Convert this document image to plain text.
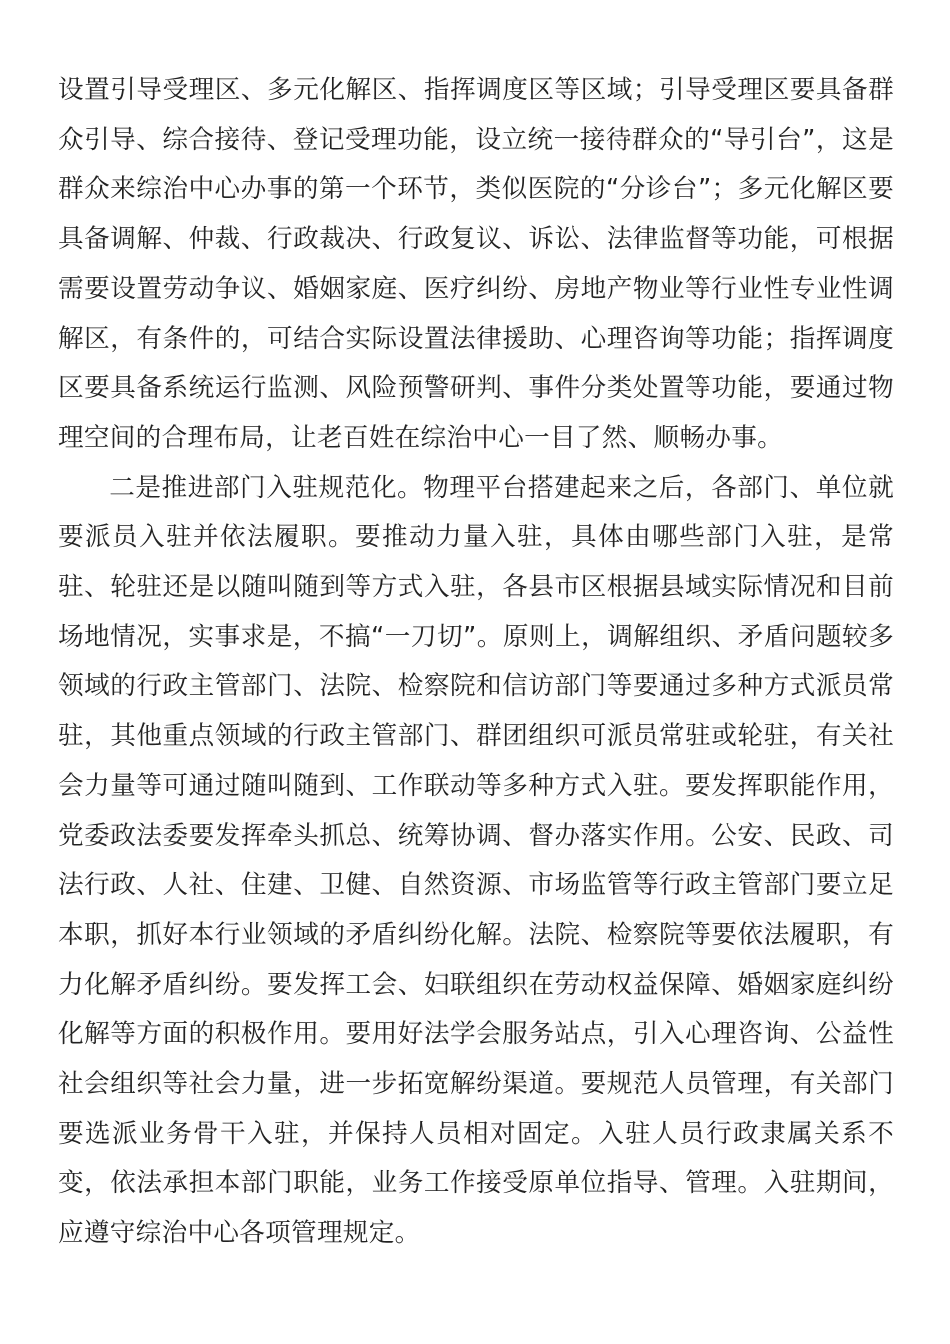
设置引导受理区、多元化解区、指挥调度区等区域；引导受理区要具备群众引导、综合接待、登记受理功能，设立统一接待群众的“导引台”，这是群众来综治中心办事的第一个环节，类似医院的“分诊台”；多元化解区要具备调解、仲裁、行政裁决、行政复议、诉讼、法律监督等功能，可根据需要设置劳动争议、婚姻家庭、医疗纠纷、房地产物业等行业性专业性调解区，有条件的，可结合实际设置法律援助、心理咨询等功能；指挥调度区要具备系统运行监测、风险预警研判、事件分类处置等功能，要通过物理空间的合理布局，让老百姓在综治中心一目了然、顺畅办事。

二是推进部门入驻规范化。物理平台搭建起来之后，各部门、单位就要派员入驻并依法履职。要推动力量入驻，具体由哪些部门入驻，是常驻、轮驻还是以随叫随到等方式入驻，各县市区根据县域实际情况和目前场地情况，实事求是，不搞“一刀切”。原则上，调解组织、矛盾问题较多领域的行政主管部门、法院、检察院和信访部门等要通过多种方式派员常驻，其他重点领域的行政主管部门、群团组织可派员常驻或轮驻，有关社会力量等可通过随叫随到、工作联动等多种方式入驻。要发挥职能作用，党委政法委要发挥牵头抓总、统筹协调、督办落实作用。公安、民政、司法行政、人社、住建、卫健、自然资源、市场监管等行政主管部门要立足本职，抓好本行业领域的矛盾纠纷化解。法院、检察院等要依法履职，有力化解矛盾纠纷。要发挥工会、妇联组织在劳动权益保障、婚姻家庭纠纷化解等方面的积极作用。要用好法学会服务站点，引入心理咨询、公益性社会组织等社会力量，进一步拓宽解纷渠道。要规范人员管理，有关部门要选派业务骨干入驻，并保持人员相对固定。入驻人员行政隶属关系不变，依法承担本部门职能，业务工作接受原单位指导、管理。入驻期间，应遵守综治中心各项管理规定。
